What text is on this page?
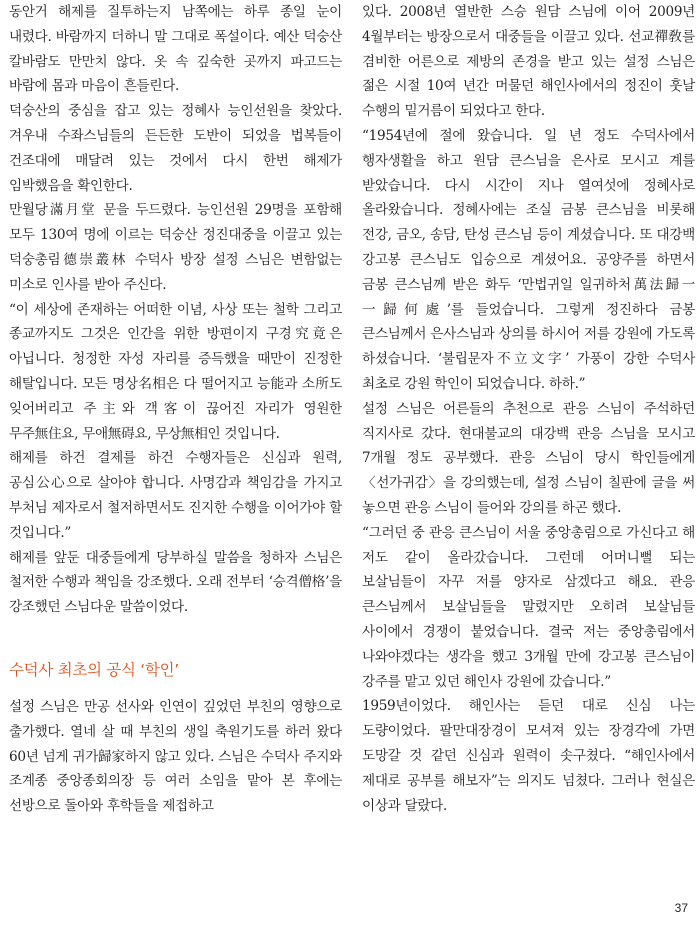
동안거 해제를 질투하는지 남쪽에는 하루 종일 눈이 내렸다. 바람까지 더하니 말 그대로 폭설이다. 예산 덕숭산 칼바람도 만만치 않다. 옷 속 깊숙한 곳까지 파고드는 바람에 몸과 마음이 흔들린다.

덕숭산의 중심을 잡고 있는 정혜사 능인선원을 찾았다. 겨우내 수좌스님들의 든든한 도반이 되었을 법복들이 건조대에 매달려 있는 것에서 다시 한번 해제가 임박했음을 확인한다.

만월당滿月堂 문을 두드렸다. 능인선원 29명을 포함해 모두 130여 명에 이르는 덕숭산 정진대중을 이끌고 있는 덕숭총림德崇叢林 수덕사 방장 설정 스님은 변함없는 미소로 인사를 받아 주신다.

“이 세상에 존재하는 어떠한 이념, 사상 또는 철학 그리고 종교까지도 그것은 인간을 위한 방편이지 구경究竟은 아닙니다. 청정한 자성 자리를 증득했을 때만이 진정한 해탈입니다. 모든 명상名相은 다 떨어지고 능能과 소所도 잊어버리고 주主와 객客이 끊어진 자리가 영원한 무주無住요, 무애無碍요, 무상無相인 것입니다.

해제를 하건 결제를 하건 수행자들은 신심과 원력, 공심公心으로 살아야 합니다. 사명감과 책임감을 가지고 부처님 제자로서 철저하면서도 진지한 수행을 이어가야 할 것입니다.”

해제를 앞둔 대중들에게 당부하실 말씀을 청하자 스님은 철저한 수행과 책임을 강조했다. 오래 전부터 ‘승격僧格’을 강조했던 스님다운 말씀이었다.

수덕사 최초의 공식 ‘학인’

설정 스님은 만공 선사와 인연이 깊었던 부친의 영향으로 출가했다. 열네 살 때 부친의 생일 축원기도를 하러 왔다 60년 넘게 귀가歸家하지 않고 있다. 스님은 수덕사 주지와 조계종 중앙종회의장 등 여러 소임을 맡아 본 후에는 선방으로 돌아와 후학들을 제접하고

있다. 2008년 열반한 스승 원담 스님에 이어 2009년 4월부터는 방장으로서 대중들을 이끌고 있다. 선교禪敎를 겸비한 어른으로 제방의 존경을 받고 있는 설정 스님은 젊은 시절 10여 년간 머물던 해인사에서의 정진이 훗날 수행의 밑거름이 되었다고 한다.

“1954년에 절에 왔습니다. 일 년 정도 수덕사에서 행자생활을 하고 원담 큰스님을 은사로 모시고 계를 받았습니다. 다시 시간이 지나 열여섯에 정혜사로 올라왔습니다. 정혜사에는 조실 금봉 큰스님을 비롯해 전강, 금오, 송담, 탄성 큰스님 등이 계셨습니다. 또 대강백 강고봉 큰스님도 입승으로 계셨어요. 공양주를 하면서 금봉 큰스님께 받은 화두 ‘만법귀일 일귀하처萬法歸一 一歸何處’를 들었습니다. 그렇게 정진하다 금봉 큰스님께서 은사스님과 상의를 하시어 저를 강원에 가도록 하셨습니다. ‘불립문자不立文字’ 가풍이 강한 수덕사 최초로 강원 학인이 되었습니다. 하하.”

설정 스님은 어른들의 추천으로 관응 스님이 주석하던 직지사로 갔다. 현대불교의 대강백 관응 스님을 모시고 7개월 정도 공부했다. 관응 스님이 당시 학인들에게 〈선가귀감〉을 강의했는데, 설정 스님이 칠판에 글을 써 놓으면 관응 스님이 들어와 강의를 하곤 했다.

“그러던 중 관응 큰스님이 서울 중앙총림으로 가신다고 해 저도 같이 올라갔습니다. 그런데 어머니뻘 되는 보살님들이 자꾸 저를 양자로 삼겠다고 해요. 관응 큰스님께서 보살님들을 말렸지만 오히려 보살님들 사이에서 경쟁이 붙었습니다. 결국 저는 중앙총림에서 나와야겠다는 생각을 했고 3개월 만에 강고봉 큰스님이 강주를 맡고 있던 해인사 강원에 갔습니다.”

1959년이었다. 해인사는 듣던 대로 신심 나는 도량이었다. 팔만대장경이 모셔져 있는 장경각에 가면 도망갈 것 같던 신심과 원력이 솟구쳤다. “해인사에서 제대로 공부를 해보자”는 의지도 넘쳤다. 그러나 현실은 이상과 달랐다.

37
